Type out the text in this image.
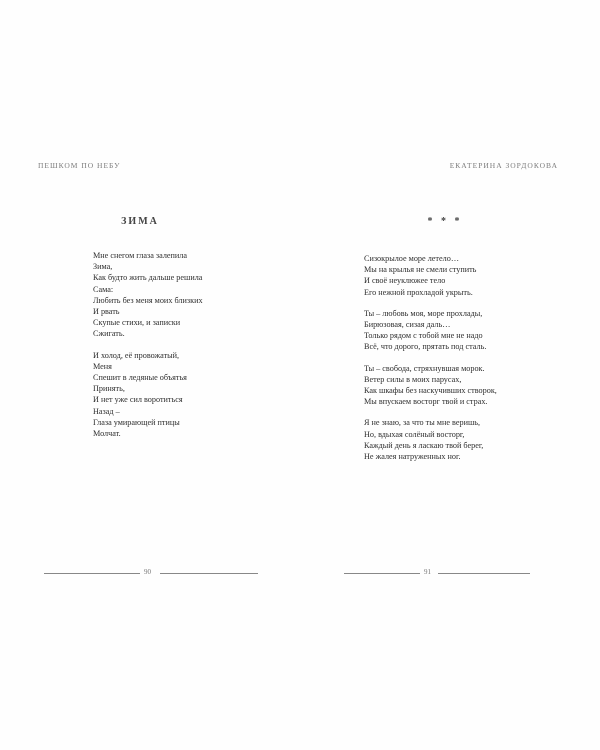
ПЕШКОМ ПО НЕБУ
ЗИМА
Мне снегом глаза залепила
Зима,
Как будто жить дальше решила
Сама:
Любить без меня моих близких
И рвать
Скупые стихи, и записки
Сжигать.
И холод, её провожатый,
Меня
Спешит в ледяные объятья
Принять,
И нет уже сил воротиться
Назад –
Глаза умирающей птицы
Молчат.
90
ЕКАТЕРИНА ЗОРДОКОВА
* * *
Сизокрылое море летело…
Мы на крылья не смели ступить
И своё неуклюжее тело
Его нежной прохладой укрыть.
Ты – любовь моя, море прохлады,
Бирюзовая, сизая даль…
Только рядом с тобой мне не надо
Всё, что дорого, прятать под сталь.
Ты – свобода, стряхнувшая морок.
Ветер силы в моих парусах,
Как шкафы без наскучивших створок,
Мы впускаем восторг твой и страх.
Я не знаю, за что ты мне веришь,
Но, вдыхая солёный восторг,
Каждый день я ласкаю твой берег,
Не жалея натруженных ног.
91
